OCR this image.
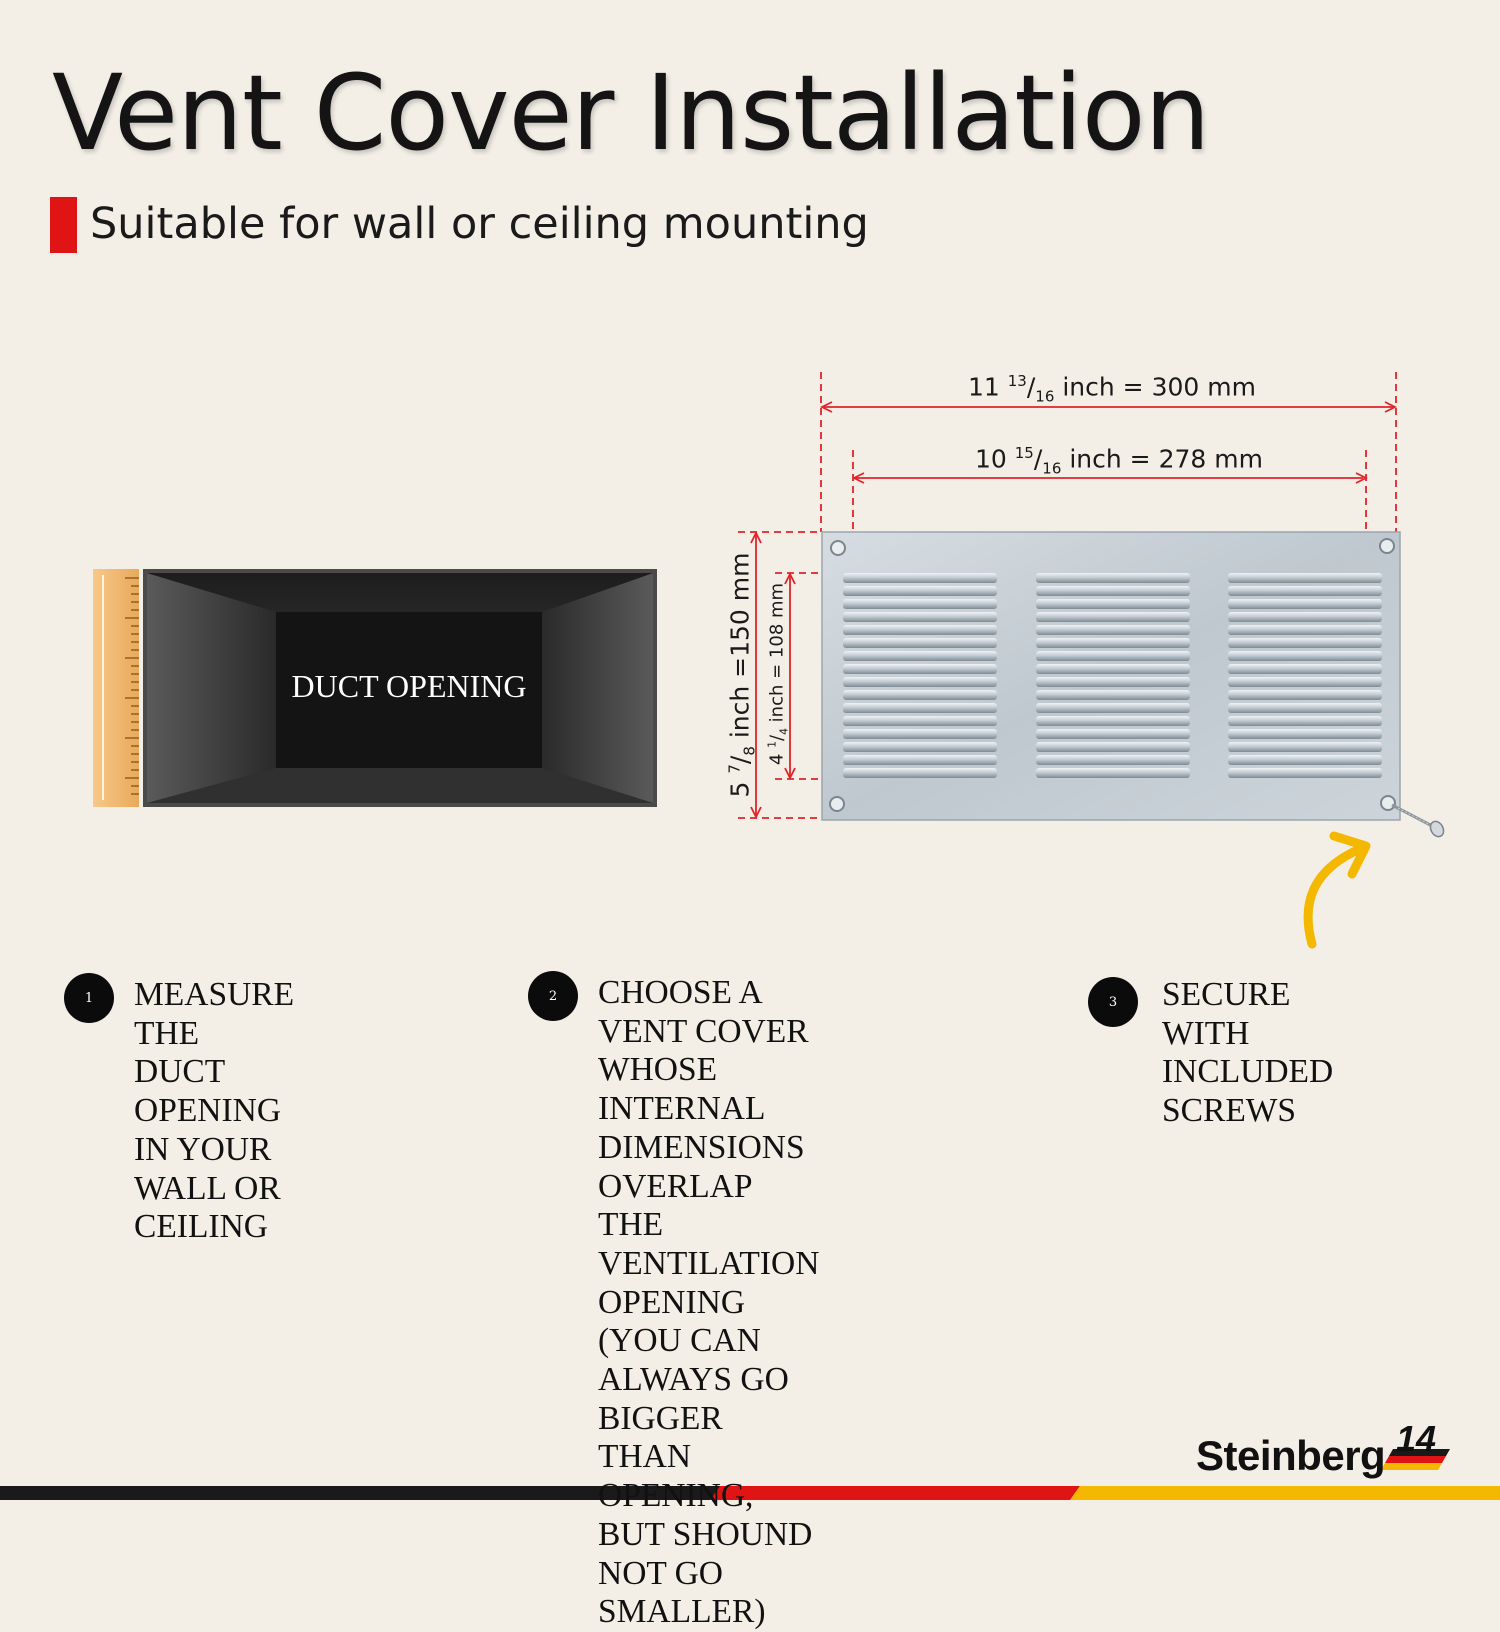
Vent Cover Installation
Suitable for wall or ceiling mounting
DUCT OPENING
11 $^{13}/_{16}$ inch = 300 mm
10 $^{15}/_{16}$ inch = 278 mm
5 $^7/_8$ inch =150 mm
4 $^1/_4$ inch = 108 mm
1	MEASURE THE DUCT
OPENING IN YOUR
WALL OR CEILING
2	CHOOSE A VENT COVER
WHOSE INTERNAL
DIMENSIONS OVERLAP
THE VENTILATION
OPENING (YOU CAN
ALWAYS GO BIGGER THAN
OPENING, BUT SHOUND
NOT GO SMALLER)
3	SECURE WITH
INCLUDED
SCREWS
Steinberg 14
